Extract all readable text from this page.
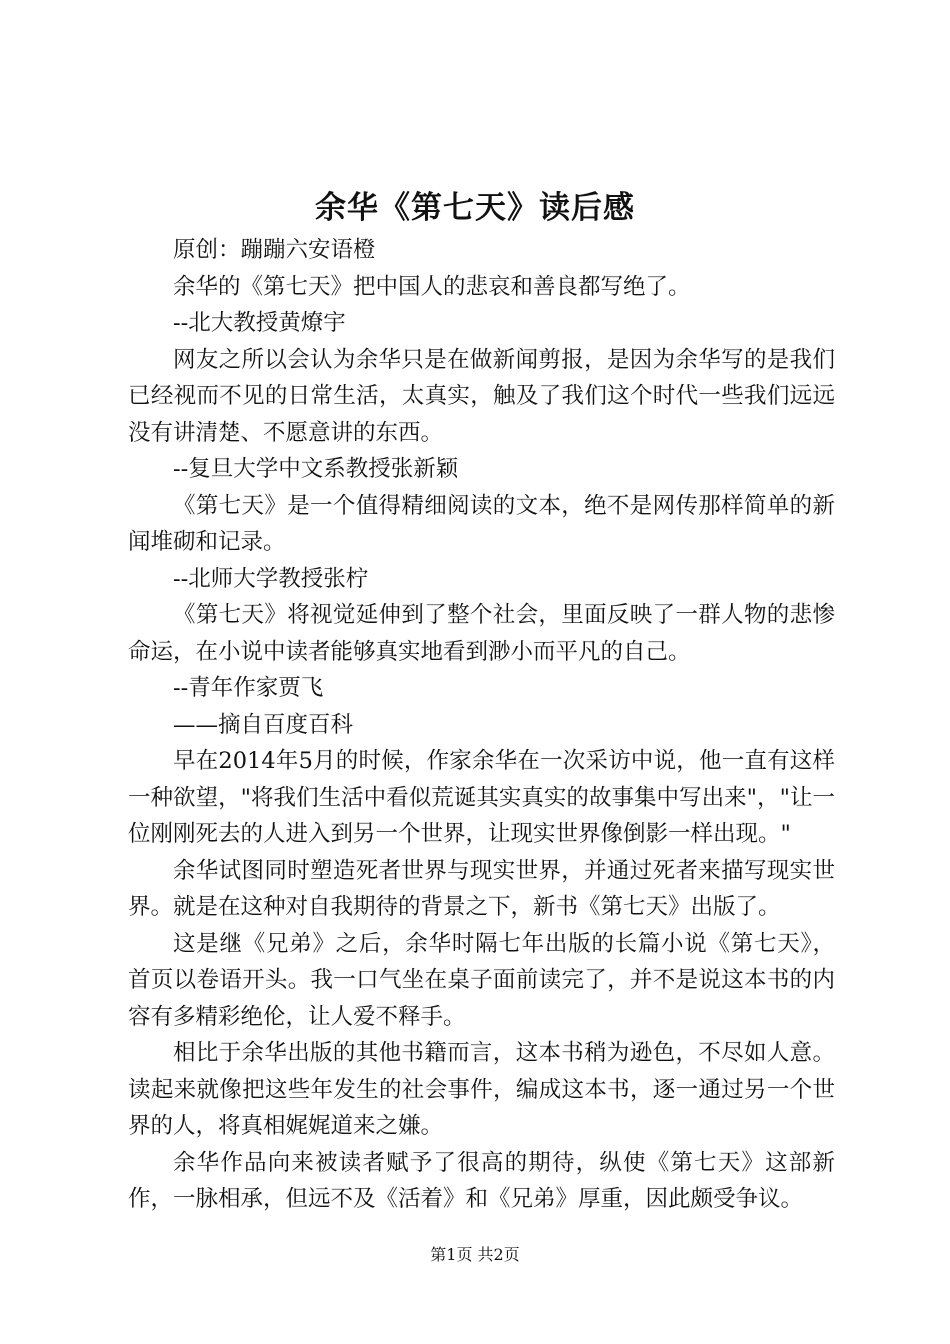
余华《第七天》读后感

原创：蹦蹦六安语橙

余华的《第七天》把中国人的悲哀和善良都写绝了。

--北大教授黄燎宇

网友之所以会认为余华只是在做新闻剪报，是因为余华写的是我们已经视而不见的日常生活，太真实，触及了我们这个时代一些我们远远没有讲清楚、不愿意讲的东西。

--复旦大学中文系教授张新颖

《第七天》是一个值得精细阅读的文本，绝不是网传那样简单的新闻堆砌和记录。

--北师大学教授张柠

《第七天》将视觉延伸到了整个社会，里面反映了一群人物的悲惨命运，在小说中读者能够真实地看到渺小而平凡的自己。

--青年作家贾飞

——摘自百度百科

早在2014年5月的时候，作家余华在一次采访中说，他一直有这样一种欲望，"将我们生活中看似荒诞其实真实的故事集中写出来"，"让一位刚刚死去的人进入到另一个世界，让现实世界像倒影一样出现。"

余华试图同时塑造死者世界与现实世界，并通过死者来描写现实世界。就是在这种对自我期待的背景之下，新书《第七天》出版了。

这是继《兄弟》之后，余华时隔七年出版的长篇小说《第七天》，首页以卷语开头。我一口气坐在桌子面前读完了，并不是说这本书的内容有多精彩绝伦，让人爱不释手。

相比于余华出版的其他书籍而言，这本书稍为逊色，不尽如人意。读起来就像把这些年发生的社会事件，编成这本书，逐一通过另一个世界的人，将真相娓娓道来之嫌。

余华作品向来被读者赋予了很高的期待，纵使《第七天》这部新作，一脉相承，但远不及《活着》和《兄弟》厚重，因此颇受争议。

第1页 共2页
